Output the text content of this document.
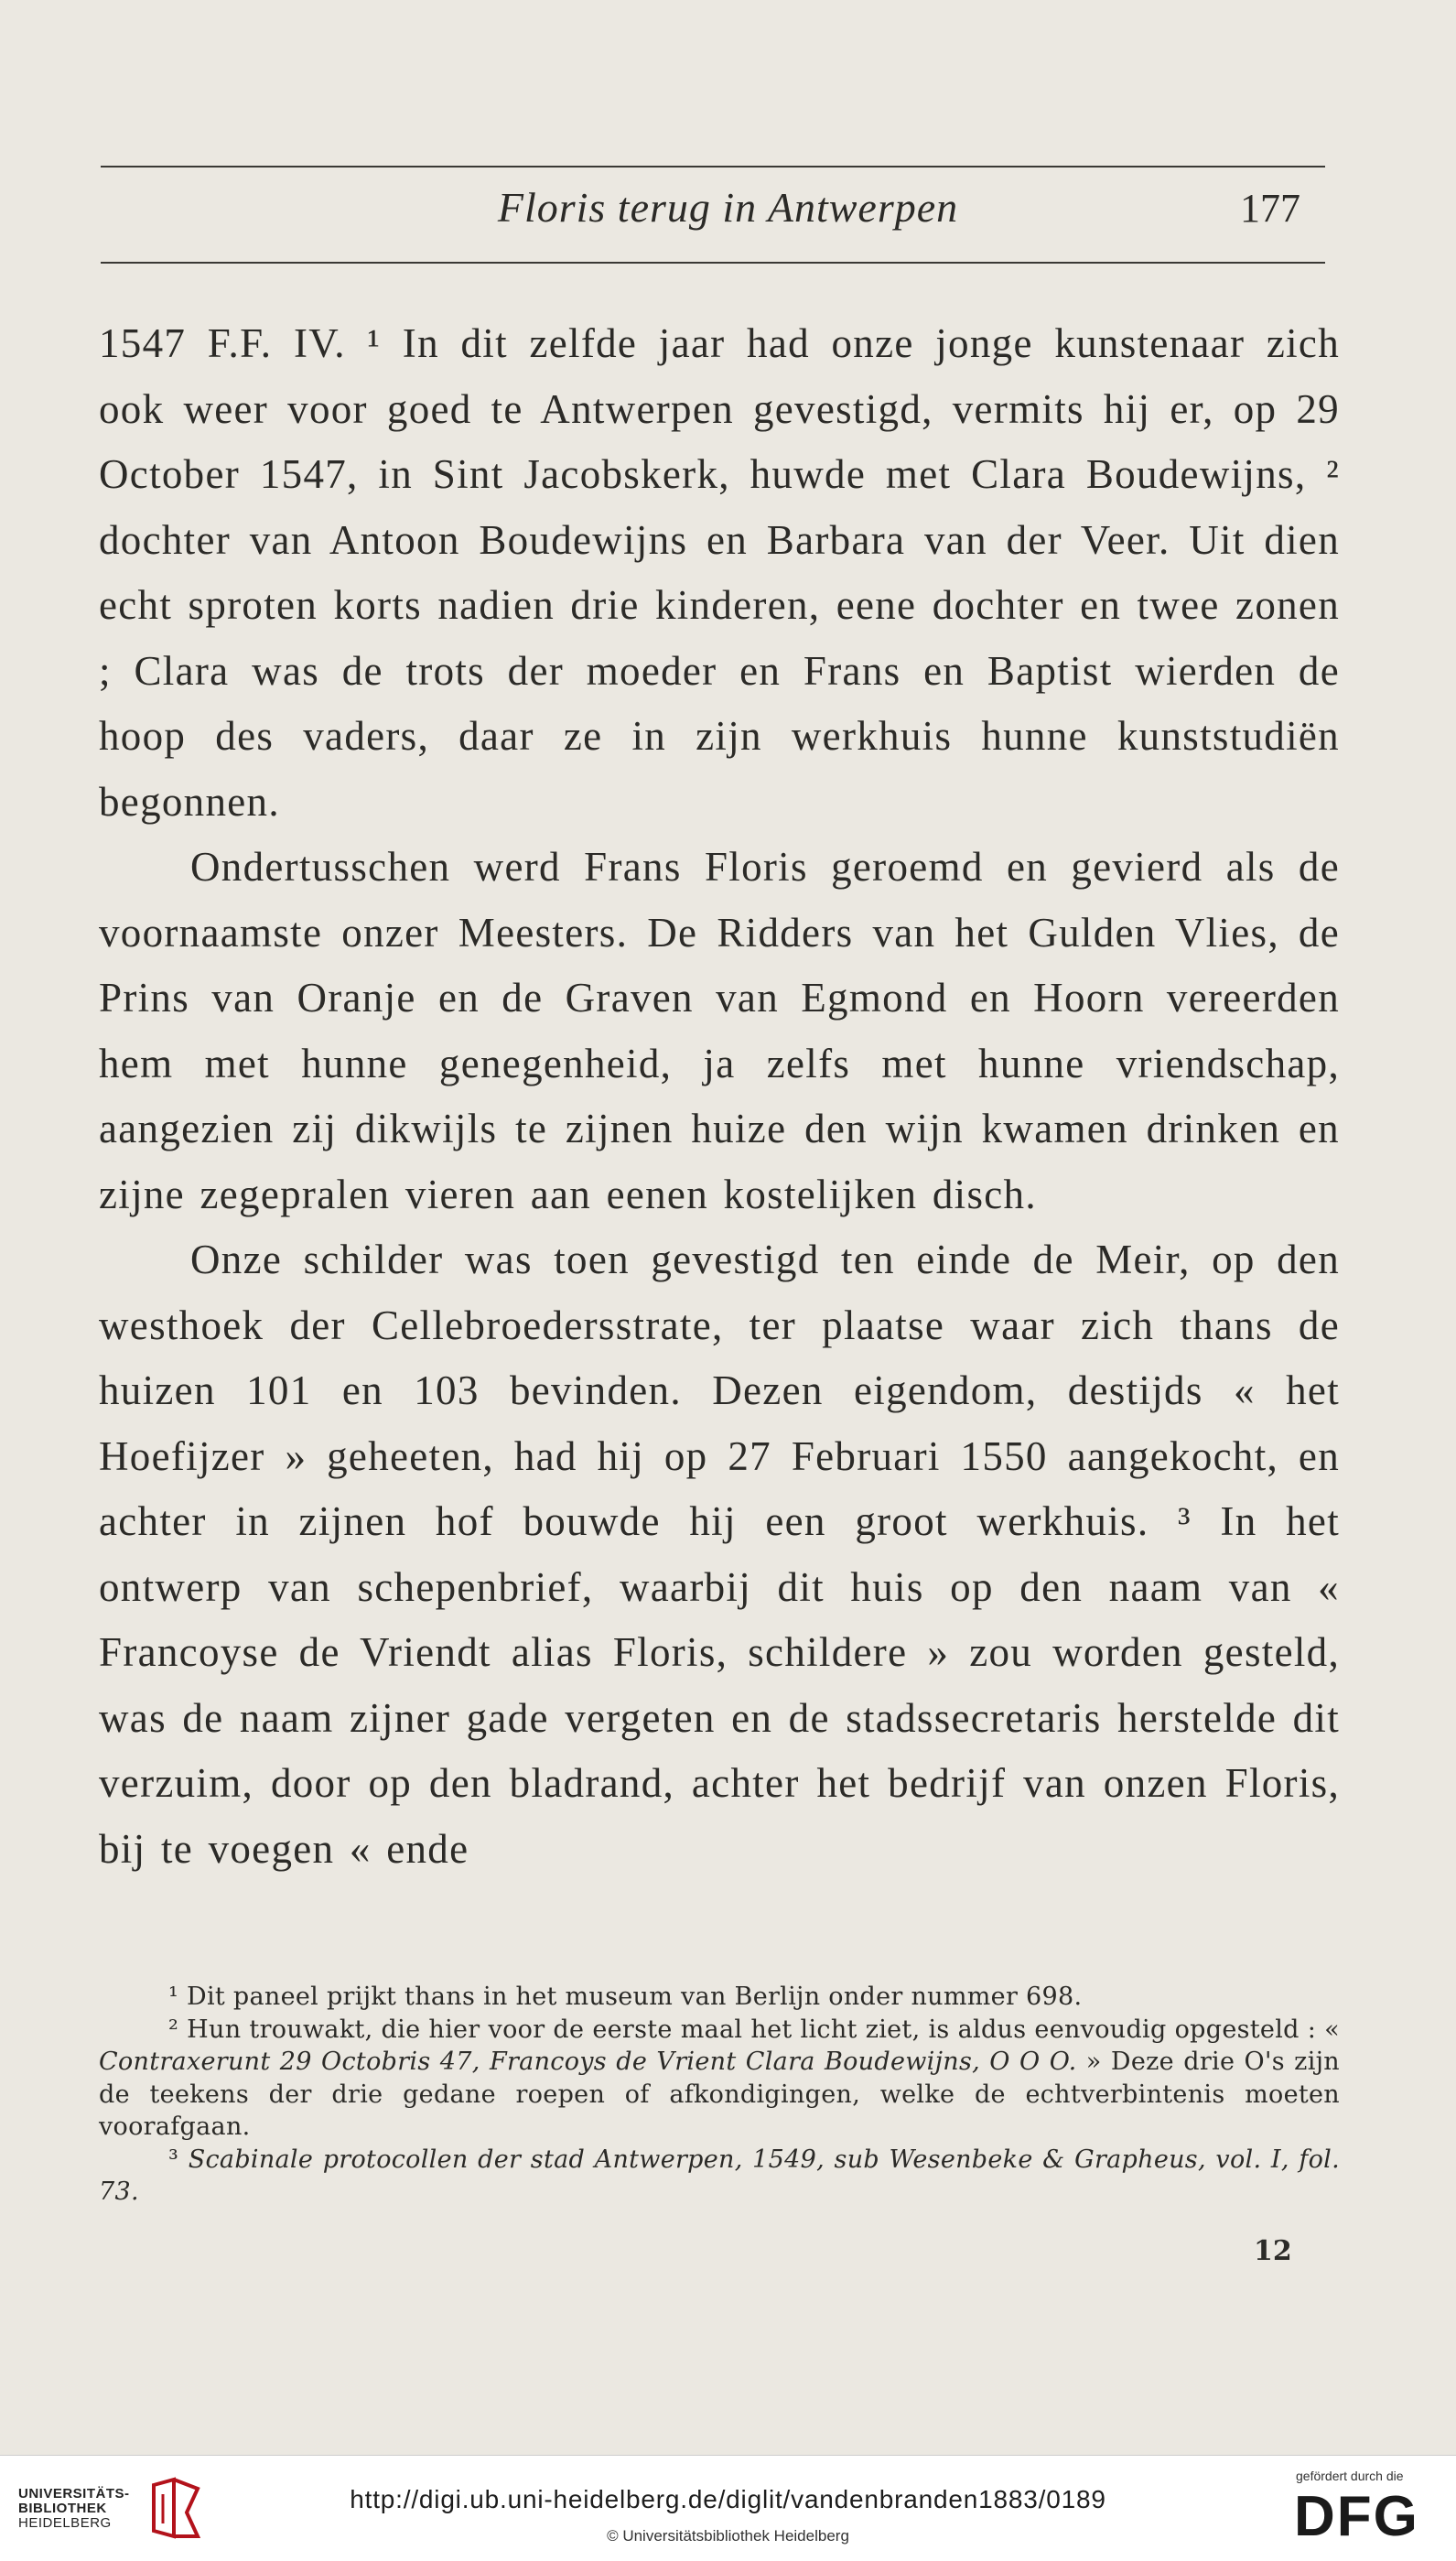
Floris terug in Antwerpen	177

1547 F.F. IV. ¹ In dit zelfde jaar had onze jonge kunstenaar zich ook weer voor goed te Antwerpen gevestigd, vermits hij er, op 29 October 1547, in Sint Jacobskerk, huwde met Clara Boudewijns, ² dochter van Antoon Boudewijns en Barbara van der Veer. Uit dien echt sproten korts nadien drie kinderen, eene dochter en twee zonen ; Clara was de trots der moeder en Frans en Baptist wierden de hoop des vaders, daar ze in zijn werkhuis hunne kunststudiën begonnen.

Ondertusschen werd Frans Floris geroemd en gevierd als de voornaamste onzer Meesters. De Ridders van het Gulden Vlies, de Prins van Oranje en de Graven van Egmond en Hoorn vereerden hem met hunne genegenheid, ja zelfs met hunne vriendschap, aangezien zij dikwijls te zijnen huize den wijn kwamen drinken en zijne zegepralen vieren aan eenen kostelijken disch.

Onze schilder was toen gevestigd ten einde de Meir, op den westhoek der Cellebroedersstrate, ter plaatse waar zich thans de huizen 101 en 103 bevinden. Dezen eigendom, destijds « het Hoefijzer » geheeten, had hij op 27 Februari 1550 aangekocht, en achter in zijnen hof bouwde hij een groot werkhuis. ³ In het ontwerp van schepenbrief, waarbij dit huis op den naam van « Francoyse de Vriendt alias Floris, schildere » zou worden gesteld, was de naam zijner gade vergeten en de stadssecretaris herstelde dit verzuim, door op den bladrand, achter het bedrijf van onzen Floris, bij te voegen « ende

¹ Dit paneel prijkt thans in het museum van Berlijn onder nummer 698.

² Hun trouwakt, die hier voor de eerste maal het licht ziet, is aldus eenvoudig opgesteld : « Contraxerunt 29 Octobris 47, Francoys de Vrient Clara Boudewijns, O O O. » Deze drie O's zijn de teekens der drie gedane roepen of afkondigingen, welke de echtverbintenis moeten voorafgaan.

³ Scabinale protocollen der stad Antwerpen, 1549, sub Wesenbeke & Grapheus, vol. I, fol. 73.

12
UNIVERSITÄTS-
BIBLIOTHEK
HEIDELBERG
http://digi.ub.uni-heidelberg.de/diglit/vandenbranden1883/0189
© Universitätsbibliothek Heidelberg
gefördert durch die
DFG
